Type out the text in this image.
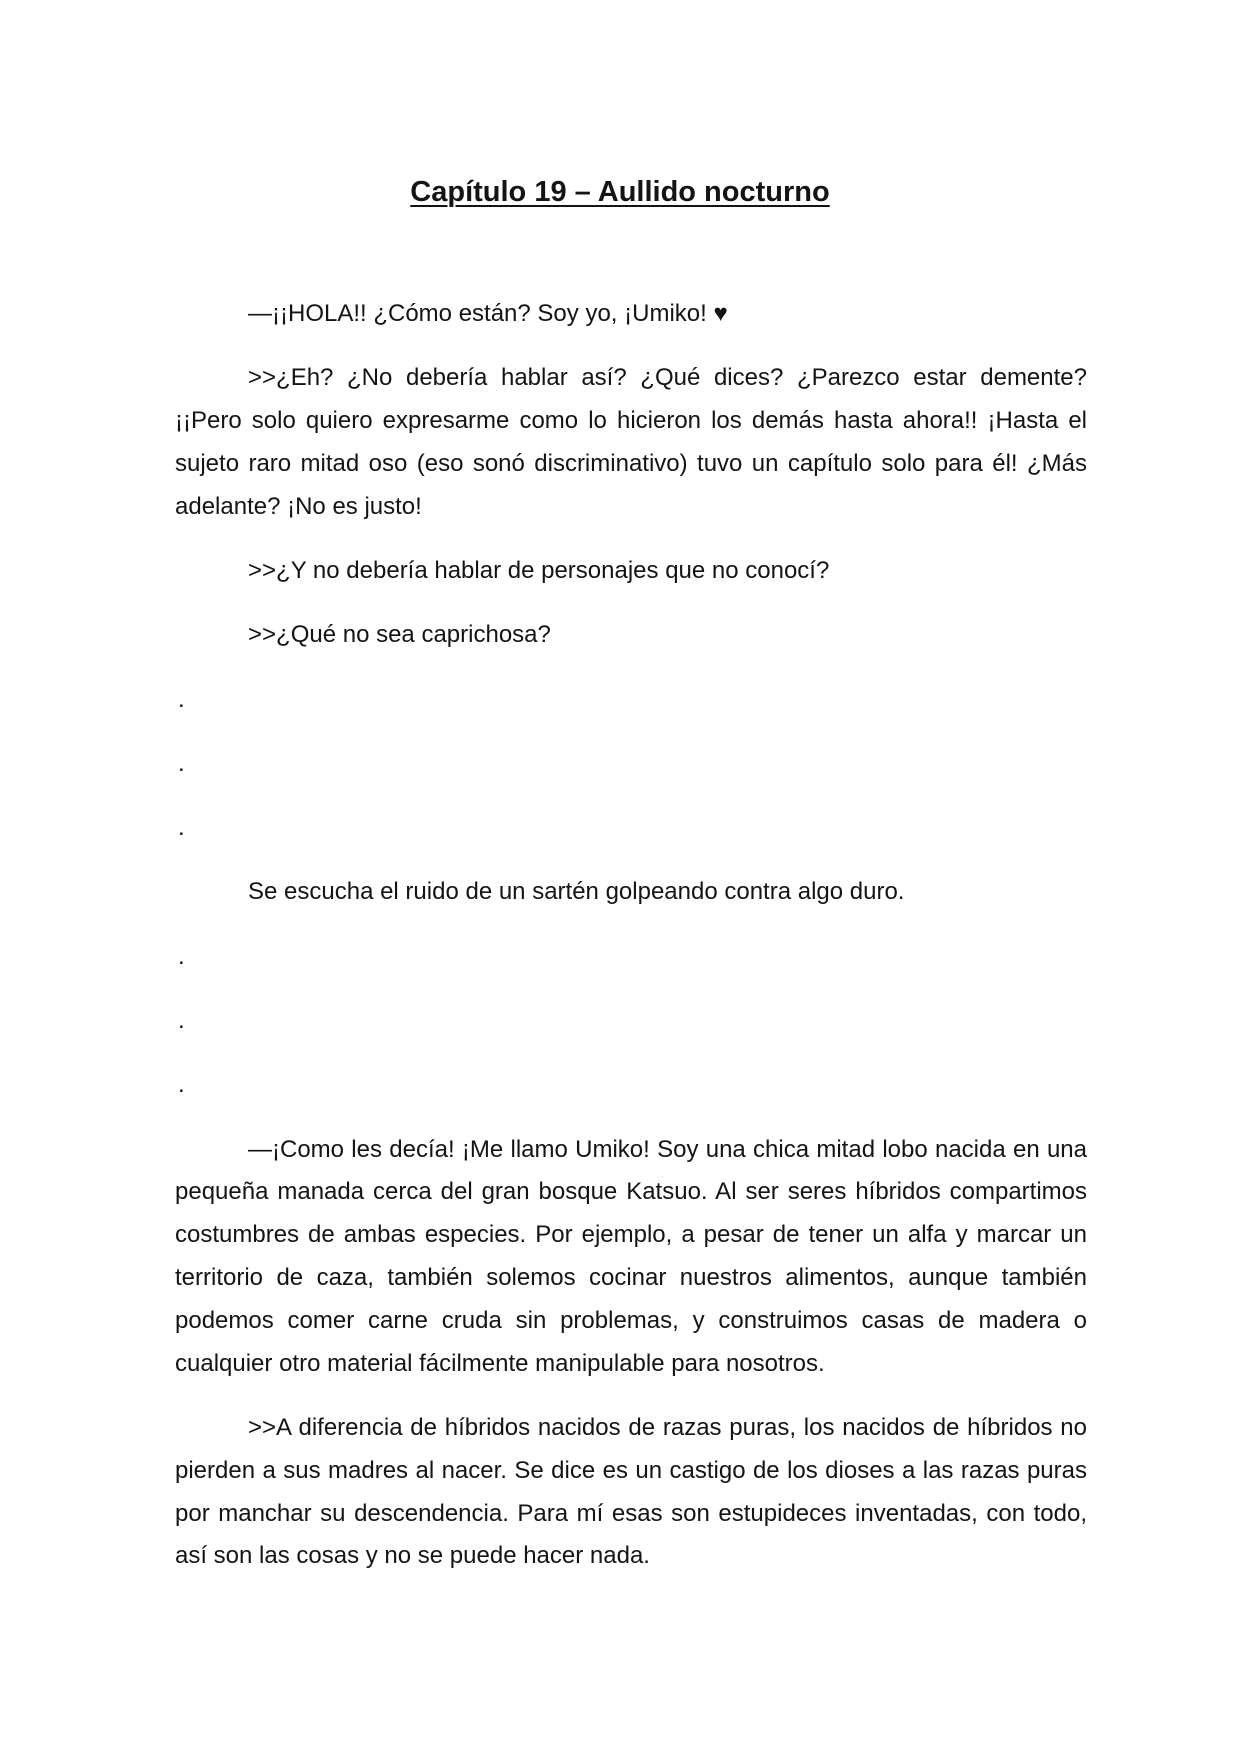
Capítulo 19 – Aullido nocturno

—¡¡HOLA!! ¿Cómo están? Soy yo, ¡Umiko! ♥

>>¿Eh? ¿No debería hablar así? ¿Qué dices? ¿Parezco estar demente? ¡¡Pero solo quiero expresarme como lo hicieron los demás hasta ahora!! ¡Hasta el sujeto raro mitad oso (eso sonó discriminativo) tuvo un capítulo solo para él! ¿Más adelante? ¡No es justo!

>>¿Y no debería hablar de personajes que no conocí?

>>¿Qué no sea caprichosa?

.

.

.

Se escucha el ruido de un sartén golpeando contra algo duro.

.

.

.

—¡Como les decía! ¡Me llamo Umiko! Soy una chica mitad lobo nacida en una pequeña manada cerca del gran bosque Katsuo. Al ser seres híbridos compartimos costumbres de ambas especies. Por ejemplo, a pesar de tener un alfa y marcar un territorio de caza, también solemos cocinar nuestros alimentos, aunque también podemos comer carne cruda sin problemas, y construimos casas de madera o cualquier otro material fácilmente manipulable para nosotros.

>>A diferencia de híbridos nacidos de razas puras, los nacidos de híbridos no pierden a sus madres al nacer. Se dice es un castigo de los dioses a las razas puras por manchar su descendencia. Para mí esas son estupideces inventadas, con todo, así son las cosas y no se puede hacer nada.
